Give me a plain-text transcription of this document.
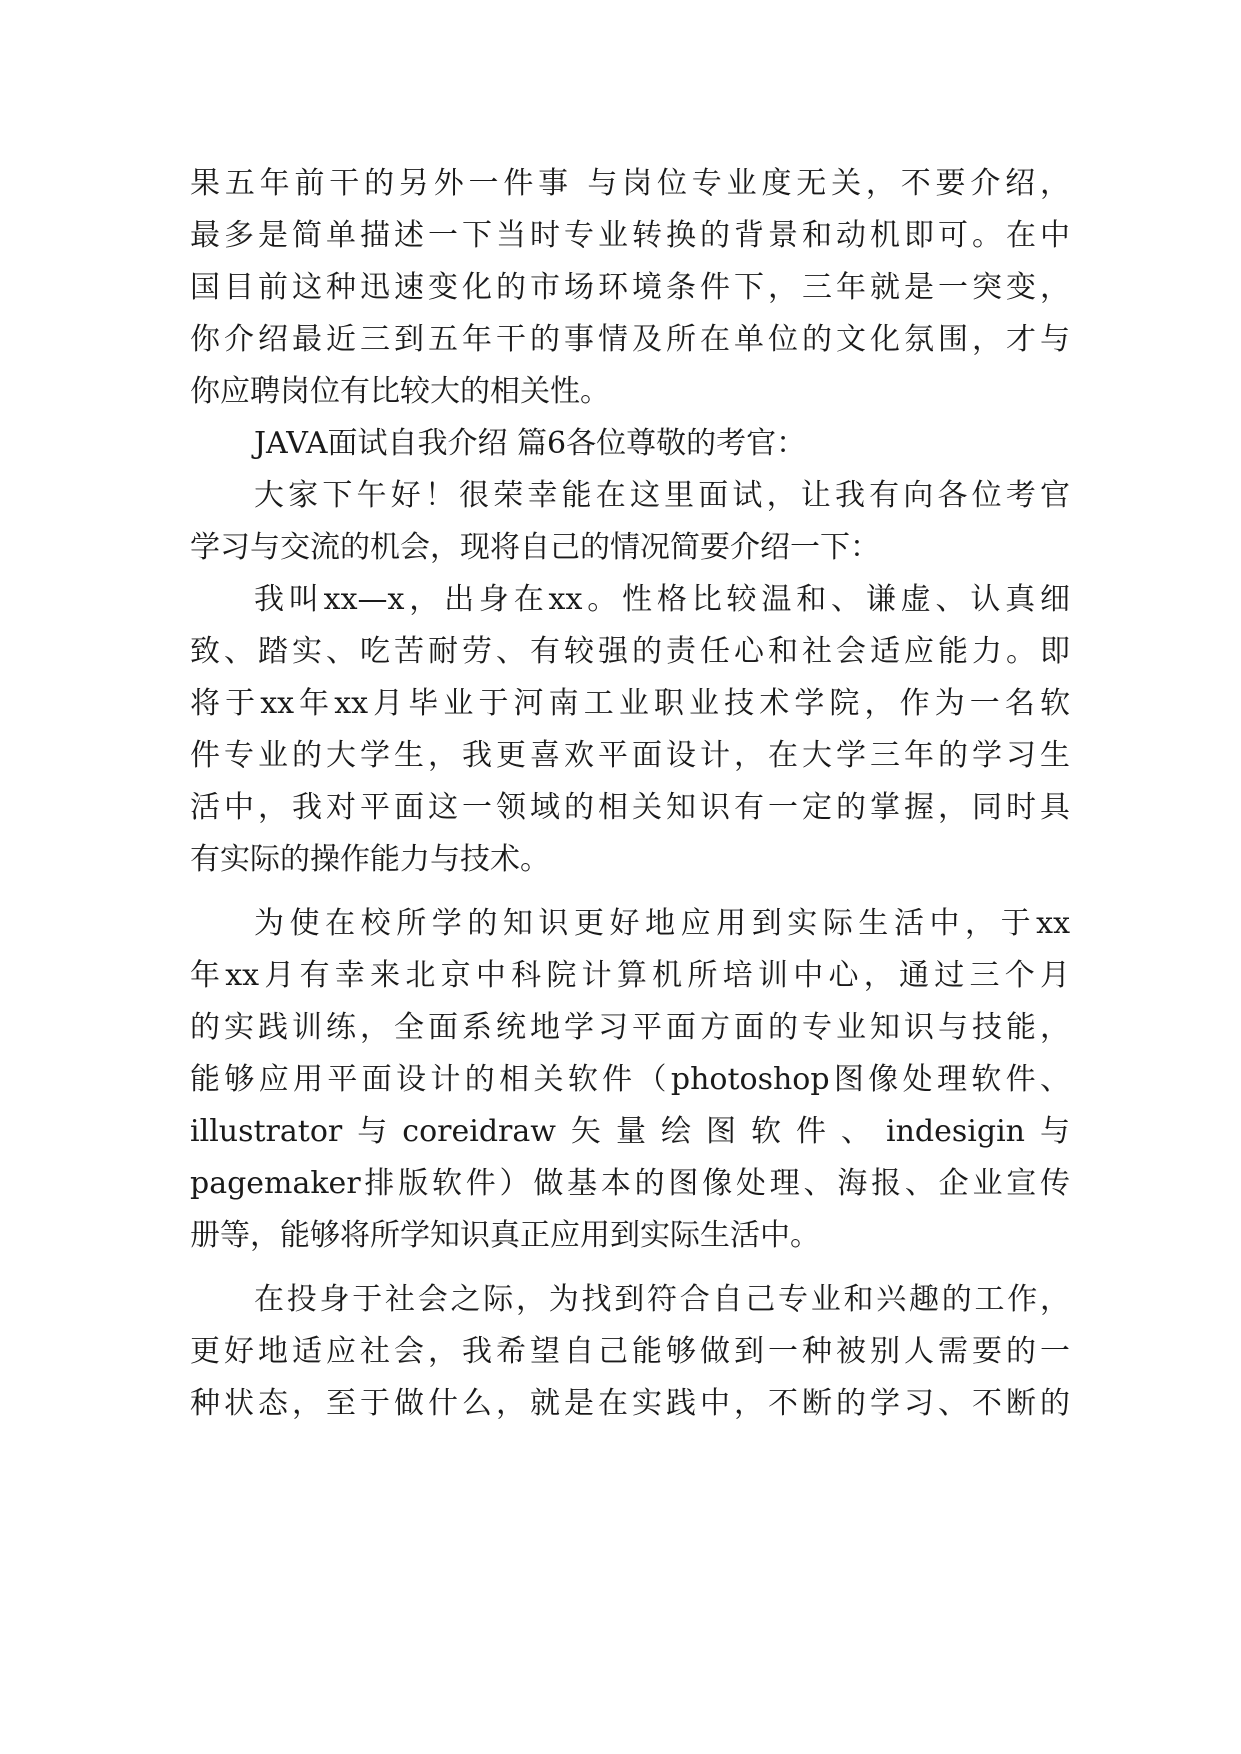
果五年前干的另外一件事 与岗位专业度无关，不要介绍，
最多是简单描述一下当时专业转换的背景和动机即可。在中
国目前这种迅速变化的市场环境条件下，三年就是一突变，
你介绍最近三到五年干的事情及所在单位的文化氛围，才与
你应聘岗位有比较大的相关性。
JAVA面试自我介绍 篇6各位尊敬的考官：
大家下午好！很荣幸能在这里面试，让我有向各位考官
学习与交流的机会，现将自己的情况简要介绍一下：
我叫xx—x，出身在xx。性格比较温和、谦虚、认真细
致、踏实、吃苦耐劳、有较强的责任心和社会适应能力。即
将于xx年xx月毕业于河南工业职业技术学院，作为一名软
件专业的大学生，我更喜欢平面设计，在大学三年的学习生
活中，我对平面这一领域的相关知识有一定的掌握，同时具
有实际的操作能力与技术。
为使在校所学的知识更好地应用到实际生活中，于xx
年xx月有幸来北京中科院计算机所培训中心，通过三个月
的实践训练，全面系统地学习平面方面的专业知识与技能，
能够应用平面设计的相关软件（photoshop图像处理软件、
illustrator与coreidraw矢量绘图软件、indesigin与
pagemaker排版软件）做基本的图像处理、海报、企业宣传
册等，能够将所学知识真正应用到实际生活中。
在投身于社会之际，为找到符合自己专业和兴趣的工作，
更好地适应社会，我希望自己能够做到一种被别人需要的一
种状态，至于做什么，就是在实践中，不断的学习、不断的
